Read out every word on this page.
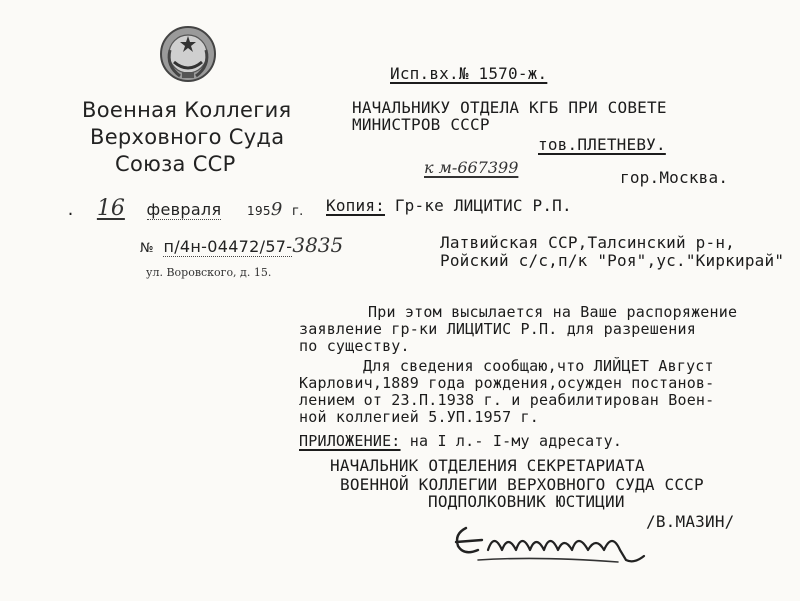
Военная Коллегия
Верховного Суда
Союза ССР
Исп.вх.№ 1570-ж.
НАЧАЛЬНИКУ ОТДЕЛА КГБ ПРИ СОВЕТЕ
МИНИСТРОВ СССР
тов.ПЛЕТНЕВУ.
к м-667399
гор.Москва.
. 16 февраля 1959 г. Копия: Гр-ке ЛИЦИТИС Р.П.
№ п/4н-04472/57-3835	Латвийская ССР,Талсинский р-н,
Ройский с/с,п/к "Роя",ус."Киркирай"
ул. Воровского, д. 15.
При этом высылается на Ваше распоряжение
заявление гр-ки ЛИЦИТИС Р.П. для разрешения
по существу.
Для сведения сообщаю,что ЛИЙЦЕТ Август
Карлович,1889 года рождения,осужден постанов-
лением от 23.П.1938 г. и реабилитирован Воен-
ной коллегией 5.УП.1957 г.
ПРИЛОЖЕНИЕ: на I л.- I-му адресату.
НАЧАЛЬНИК ОТДЕЛЕНИЯ СЕКРЕТАРИАТА
ВОЕННОЙ КОЛЛЕГИИ ВЕРХОВНОГО СУДА СССР
ПОДПОЛКОВНИК ЮСТИЦИИ
/В.МАЗИН/
